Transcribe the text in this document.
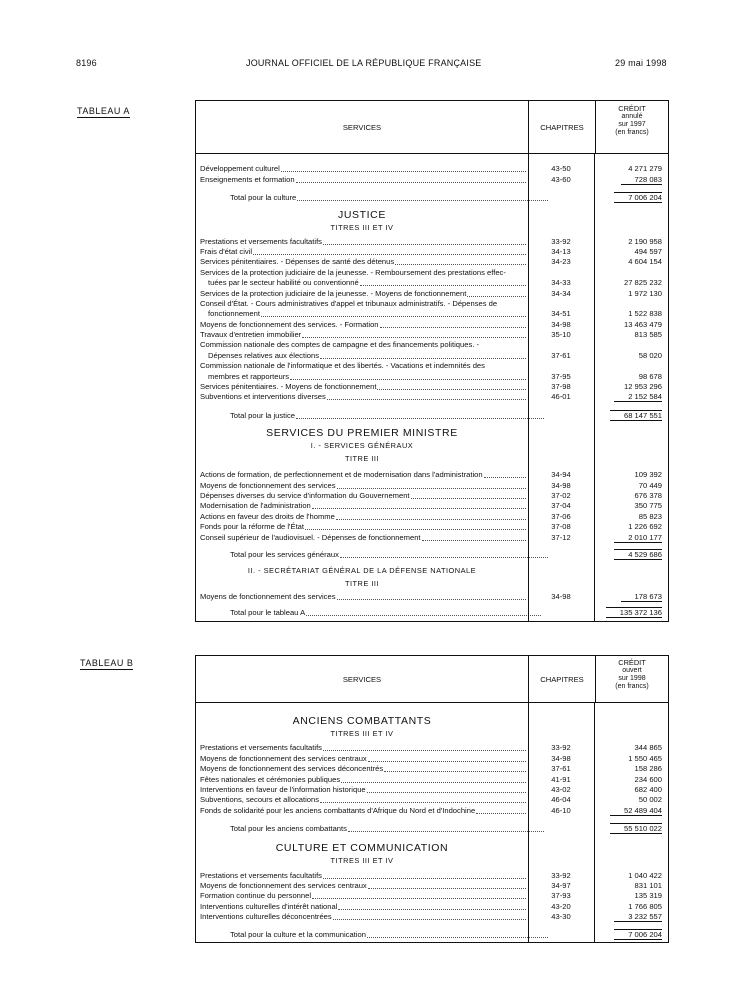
8196	JOURNAL OFFICIEL DE LA RÉPUBLIQUE FRANÇAISE	29 mai 1998
TABLEAU A
TABLEAU B
SERVICES	CHAPITRES
CRÉDIT
annulé
sur 1997
(en francs)
Développement culturel	43-50	4 271 279
Enseignements et formation	43-60	728 083
Total pour la culture	7 006 204
JUSTICE
TITRES III ET IV
Prestations et versements facultatifs	33-92	2 190 958
Frais d'état civil	34-13	494 597
Services pénitentiaires. - Dépenses de santé des détenus	34-23	4 604 154
Services de la protection judiciaire de la jeunesse. - Remboursement des prestations effec-
tuées par le secteur habilité ou conventionné	34-33	27 825 232
Services de la protection judiciaire de la jeunesse. - Moyens de fonctionnement	34-34	1 972 130
Conseil d'État. - Cours administratives d'appel et tribunaux administratifs. - Dépenses de
fonctionnement	34-51	1 522 838
Moyens de fonctionnement des services. - Formation	34-98	13 463 479
Travaux d'entretien immobilier	35-10	813 585
Commission nationale des comptes de campagne et des financements politiques. -
Dépenses relatives aux élections	37-61	58 020
Commission nationale de l'informatique et des libertés. - Vacations et indemnités des
membres et rapporteurs	37-95	98 678
Services pénitentiaires. - Moyens de fonctionnement	37-98	12 953 296
Subventions et interventions diverses	46-01	2 152 584
Total pour la justice	68 147 551
SERVICES DU PREMIER MINISTRE
I. - SERVICES GÉNÉRAUX
TITRE III
Actions de formation, de perfectionnement et de modernisation dans l'administration	34-94	109 392
Moyens de fonctionnement des services	34-98	70 449
Dépenses diverses du service d'information du Gouvernement	37-02	676 378
Modernisation de l'administration	37-04	350 775
Actions en faveur des droits de l'homme	37-06	85 823
Fonds pour la réforme de l'État	37-08	1 226 692
Conseil supérieur de l'audiovisuel. - Dépenses de fonctionnement	37-12	2 010 177
Total pour les services généraux	4 529 686
II. - SECRÉTARIAT GÉNÉRAL DE LA DÉFENSE NATIONALE
TITRE III
Moyens de fonctionnement des services	34-98	178 673
Total pour le tableau A	135 372 136
SERVICES	CHAPITRES
CRÉDIT
ouvert
sur 1998
(en francs)
ANCIENS COMBATTANTS
TITRES III ET IV
Prestations et versements facultatifs	33-92	344 865
Moyens de fonctionnement des services centraux	34-98	1 550 465
Moyens de fonctionnement des services déconcentrés	37-61	158 286
Fêtes nationales et cérémonies publiques	41-91	234 600
Interventions en faveur de l'information historique	43-02	682 400
Subventions, secours et allocations	46-04	50 002
Fonds de solidarité pour les anciens combattants d'Afrique du Nord et d'Indochine	46-10	52 489 404
Total pour les anciens combattants	55 510 022
CULTURE ET COMMUNICATION
TITRES III ET IV
Prestations et versements facultatifs	33-92	1 040 422
Moyens de fonctionnement des services centraux	34-97	831 101
Formation continue du personnel	37-93	135 319
Interventions culturelles d'intérêt national	43-20	1 766 805
Interventions culturelles déconcentrées	43-30	3 232 557
Total pour la culture et la communication	7 006 204
